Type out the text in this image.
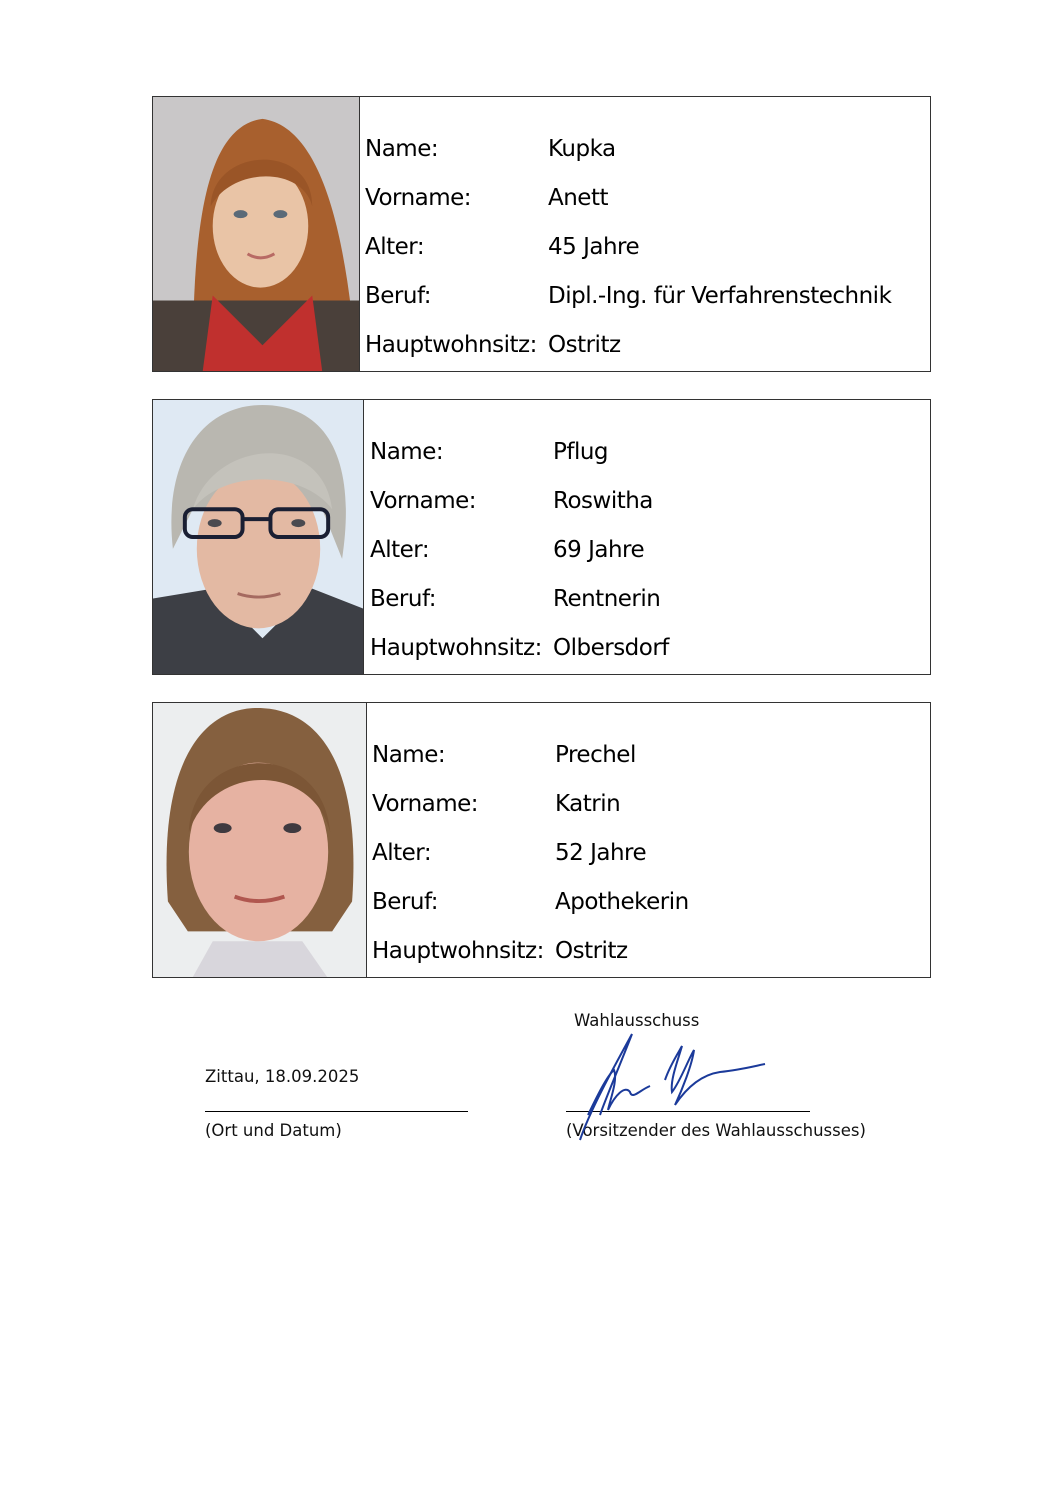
Name:	Kupka
Vorname:	Anett
Alter:	45 Jahre
Beruf:	Dipl.-Ing. für Verfahrenstechnik
Hauptwohnsitz: Ostritz
Name:	Pflug
Vorname:	Roswitha
Alter:	69 Jahre
Beruf:	Rentnerin
Hauptwohnsitz: Olbersdorf
Name:	Prechel
Vorname:	Katrin
Alter:	52 Jahre
Beruf:	Apothekerin
Hauptwohnsitz: Ostritz
Wahlausschuss
Zittau, 18.09.2025
(Ort und Datum)	(Vorsitzender des Wahlausschusses)
